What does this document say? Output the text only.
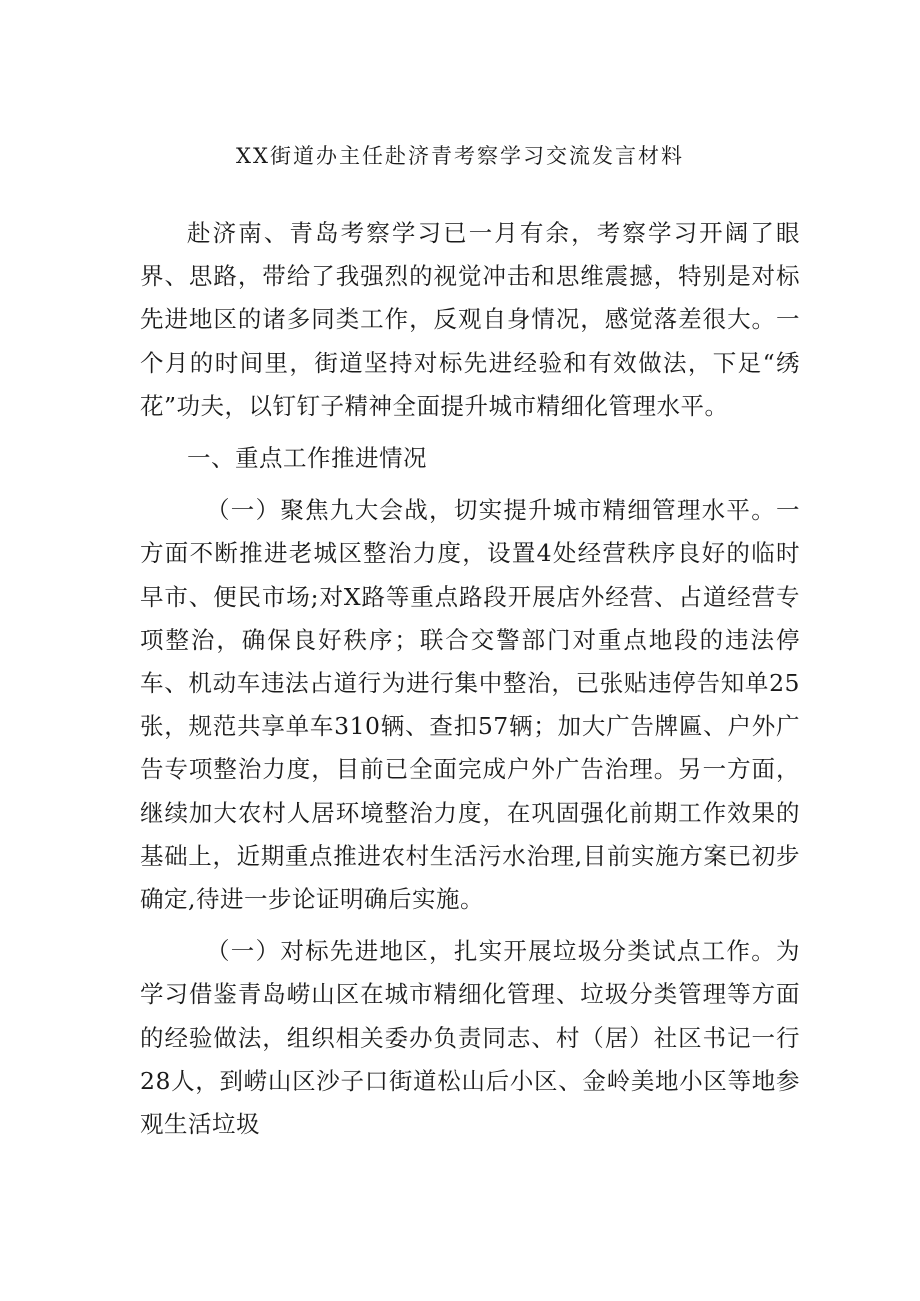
XX街道办主任赴济青考察学习交流发言材料

赴济南、青岛考察学习已一月有余，考察学习开阔了眼界、思路，带给了我强烈的视觉冲击和思维震撼，特别是对标先进地区的诸多同类工作，反观自身情况，感觉落差很大。一个月的时间里，街道坚持对标先进经验和有效做法，下足“绣花”功夫，以钉钉子精神全面提升城市精细化管理水平。

一、重点工作推进情况

（一）聚焦九大会战，切实提升城市精细管理水平。一方面不断推进老城区整治力度，设置4处经营秩序良好的临时早市、便民市场;对X路等重点路段开展店外经营、占道经营专项整治，确保良好秩序；联合交警部门对重点地段的违法停车、机动车违法占道行为进行集中整治，已张贴违停告知单25张，规范共享单车310辆、查扣57辆；加大广告牌匾、户外广告专项整治力度，目前已全面完成户外广告治理。另一方面，继续加大农村人居环境整治力度，在巩固强化前期工作效果的基础上，近期重点推进农村生活污水治理,目前实施方案已初步确定,待进一步论证明确后实施。

（一）对标先进地区，扎实开展垃圾分类试点工作。为学习借鉴青岛崂山区在城市精细化管理、垃圾分类管理等方面的经验做法，组织相关委办负责同志、村（居）社区书记一行28人，到崂山区沙子口街道松山后小区、金岭美地小区等地参观生活垃圾
